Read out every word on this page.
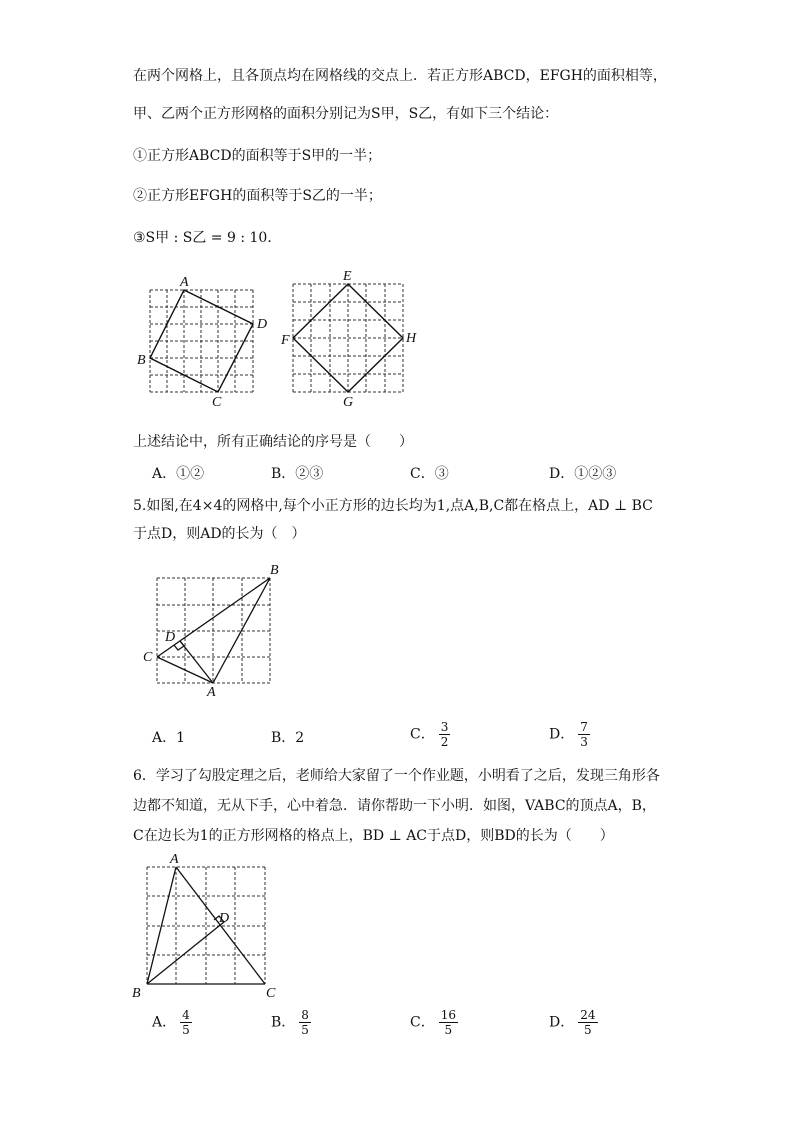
在两个网格上，且各顶点均在网格线的交点上．若正方形ABCD，EFGH的面积相等，
甲、乙两个正方形网格的面积分别记为S甲，S乙，有如下三个结论：
①正方形ABCD的面积等于S甲的一半；
②正方形EFGH的面积等于S乙的一半；
③S甲 : S乙 = 9 : 10．
A
D
C
B
E
F	H
G
B
C
D
A
A
D
B	C
上述结论中，所有正确结论的序号是（　　）
A．①②	B．②③	C．③	D．①②③
5.如图,在4×4的网格中,每个小正方形的边长均为1,点A,B,C都在格点上，AD ⊥ BC
于点D，则AD的长为（　）
A．1	B．2	C． $\frac{3}{2}$	D． $\frac{7}{3}$
6．学习了勾股定理之后，老师给大家留了一个作业题，小明看了之后，发现三角形各
边都不知道，无从下手，心中着急．请你帮助一下小明．如图，VABC的顶点A，B，
C在边长为1的正方形网格的格点上，BD ⊥ AC于点D，则BD的长为（　　）
A． $\frac{4}{5}$	B． $\frac{8}{5}$	C． $\frac{16}{5}$	D． $\frac{24}{5}$
